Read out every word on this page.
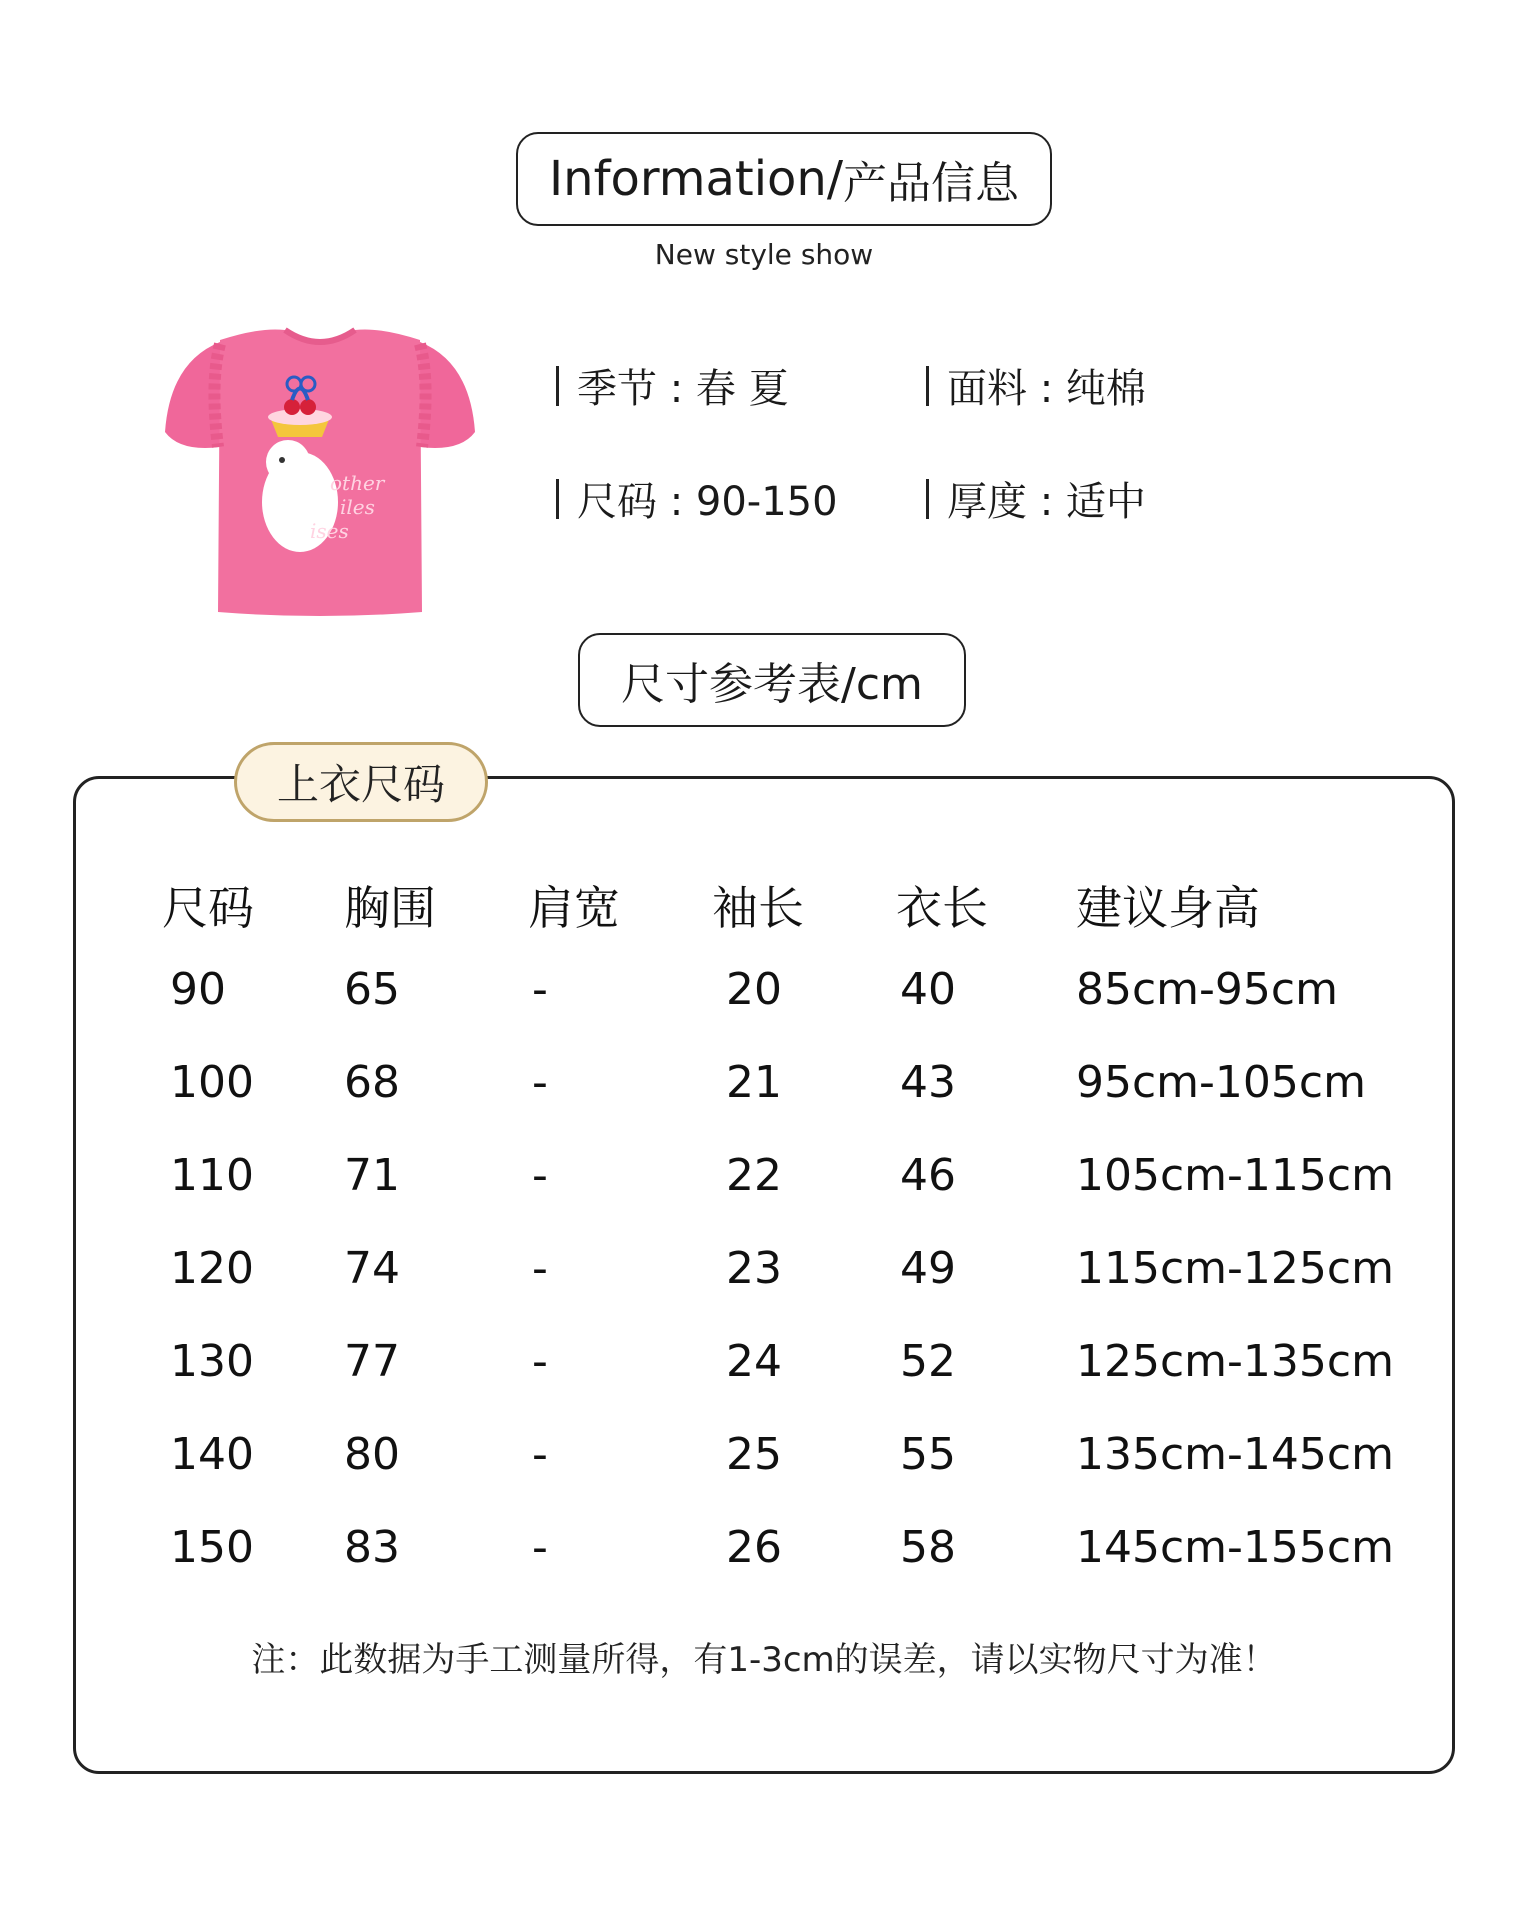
Information/ 产品信息
New style show
other
iles
ises
季节 : 春 夏	面料 : 纯棉
尺码 : 90-150	厚度 : 适中
尺寸参考表/cm
上衣尺码
尺码 胸围 肩宽 袖长 衣长 建议身高
注：此数据为手工测量所得，有1-3cm的误差，请以实物尺寸为准！
90	65	-	20	40	85cm-95cm
100 68	-	21	43	95cm-105cm
110 71	-	22	46	105cm-115cm
120 74	-	23	49	115cm-125cm
130 77	-	24	52	125cm-135cm
140 80	-	25	55	135cm-145cm
150 83	-	26	58	145cm-155cm
